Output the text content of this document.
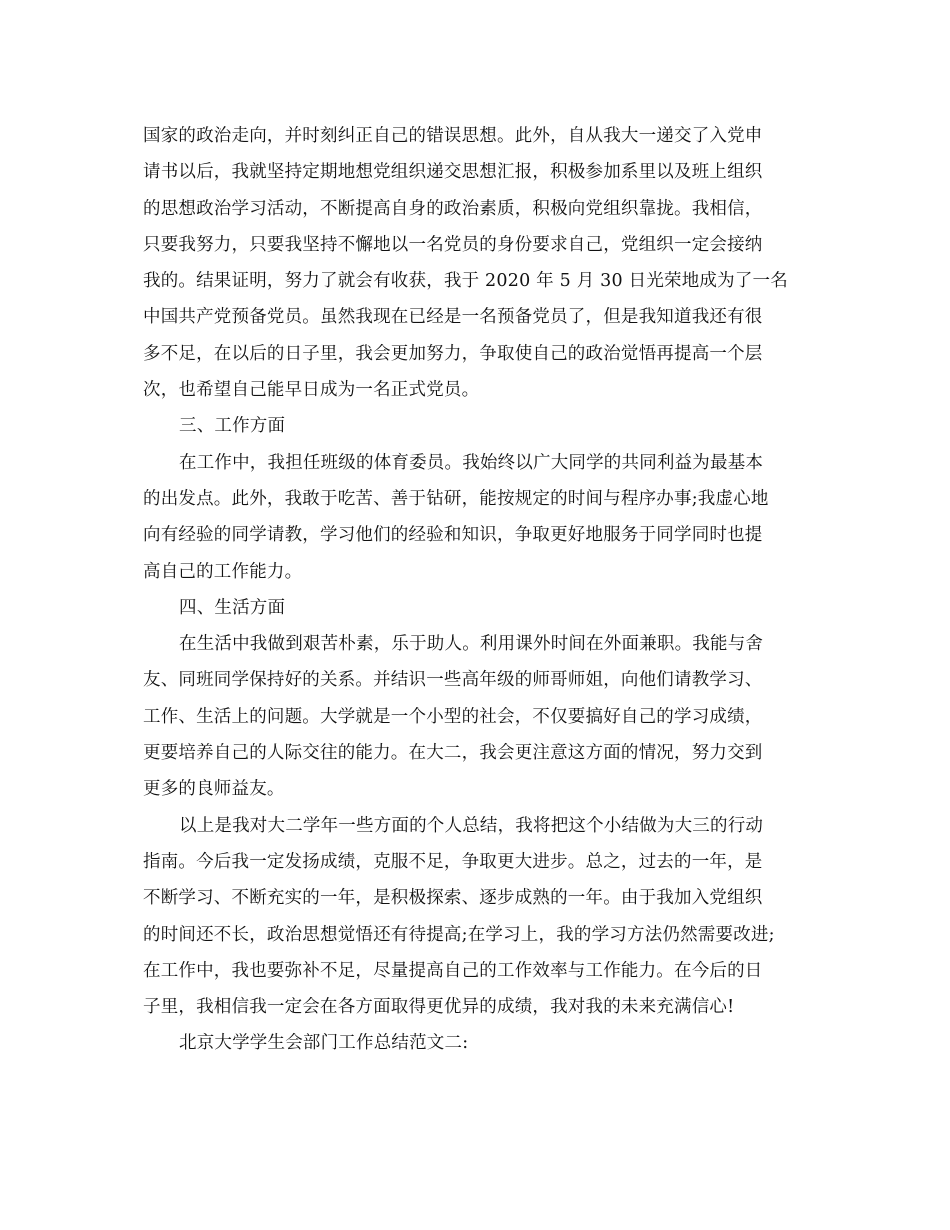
国家的政治走向，并时刻纠正自己的错误思想。此外，自从我大一递交了入党申
请书以后，我就坚持定期地想党组织递交思想汇报，积极参加系里以及班上组织
的思想政治学习活动，不断提高自身的政治素质，积极向党组织靠拢。我相信，
只要我努力，只要我坚持不懈地以一名党员的身份要求自己，党组织一定会接纳
我的。结果证明，努力了就会有收获，我于 2020 年 5 月 30 日光荣地成为了一名
中国共产党预备党员。虽然我现在已经是一名预备党员了，但是我知道我还有很
多不足，在以后的日子里，我会更加努力，争取使自己的政治觉悟再提高一个层
次，也希望自己能早日成为一名正式党员。
三、工作方面
在工作中，我担任班级的体育委员。我始终以广大同学的共同利益为最基本
的出发点。此外，我敢于吃苦、善于钻研，能按规定的时间与程序办事;我虚心地
向有经验的同学请教，学习他们的经验和知识，争取更好地服务于同学同时也提
高自己的工作能力。
四、生活方面
在生活中我做到艰苦朴素，乐于助人。利用课外时间在外面兼职。我能与舍
友、同班同学保持好的关系。并结识一些高年级的师哥师姐，向他们请教学习、
工作、生活上的问题。大学就是一个小型的社会，不仅要搞好自己的学习成绩，
更要培养自己的人际交往的能力。在大二，我会更注意这方面的情况，努力交到
更多的良师益友。
以上是我对大二学年一些方面的个人总结，我将把这个小结做为大三的行动
指南。今后我一定发扬成绩，克服不足，争取更大进步。总之，过去的一年，是
不断学习、不断充实的一年，是积极探索、逐步成熟的一年。由于我加入党组织
的时间还不长，政治思想觉悟还有待提高;在学习上，我的学习方法仍然需要改进;
在工作中，我也要弥补不足，尽量提高自己的工作效率与工作能力。在今后的日
子里，我相信我一定会在各方面取得更优异的成绩，我对我的未来充满信心!
北京大学学生会部门工作总结范文二:
